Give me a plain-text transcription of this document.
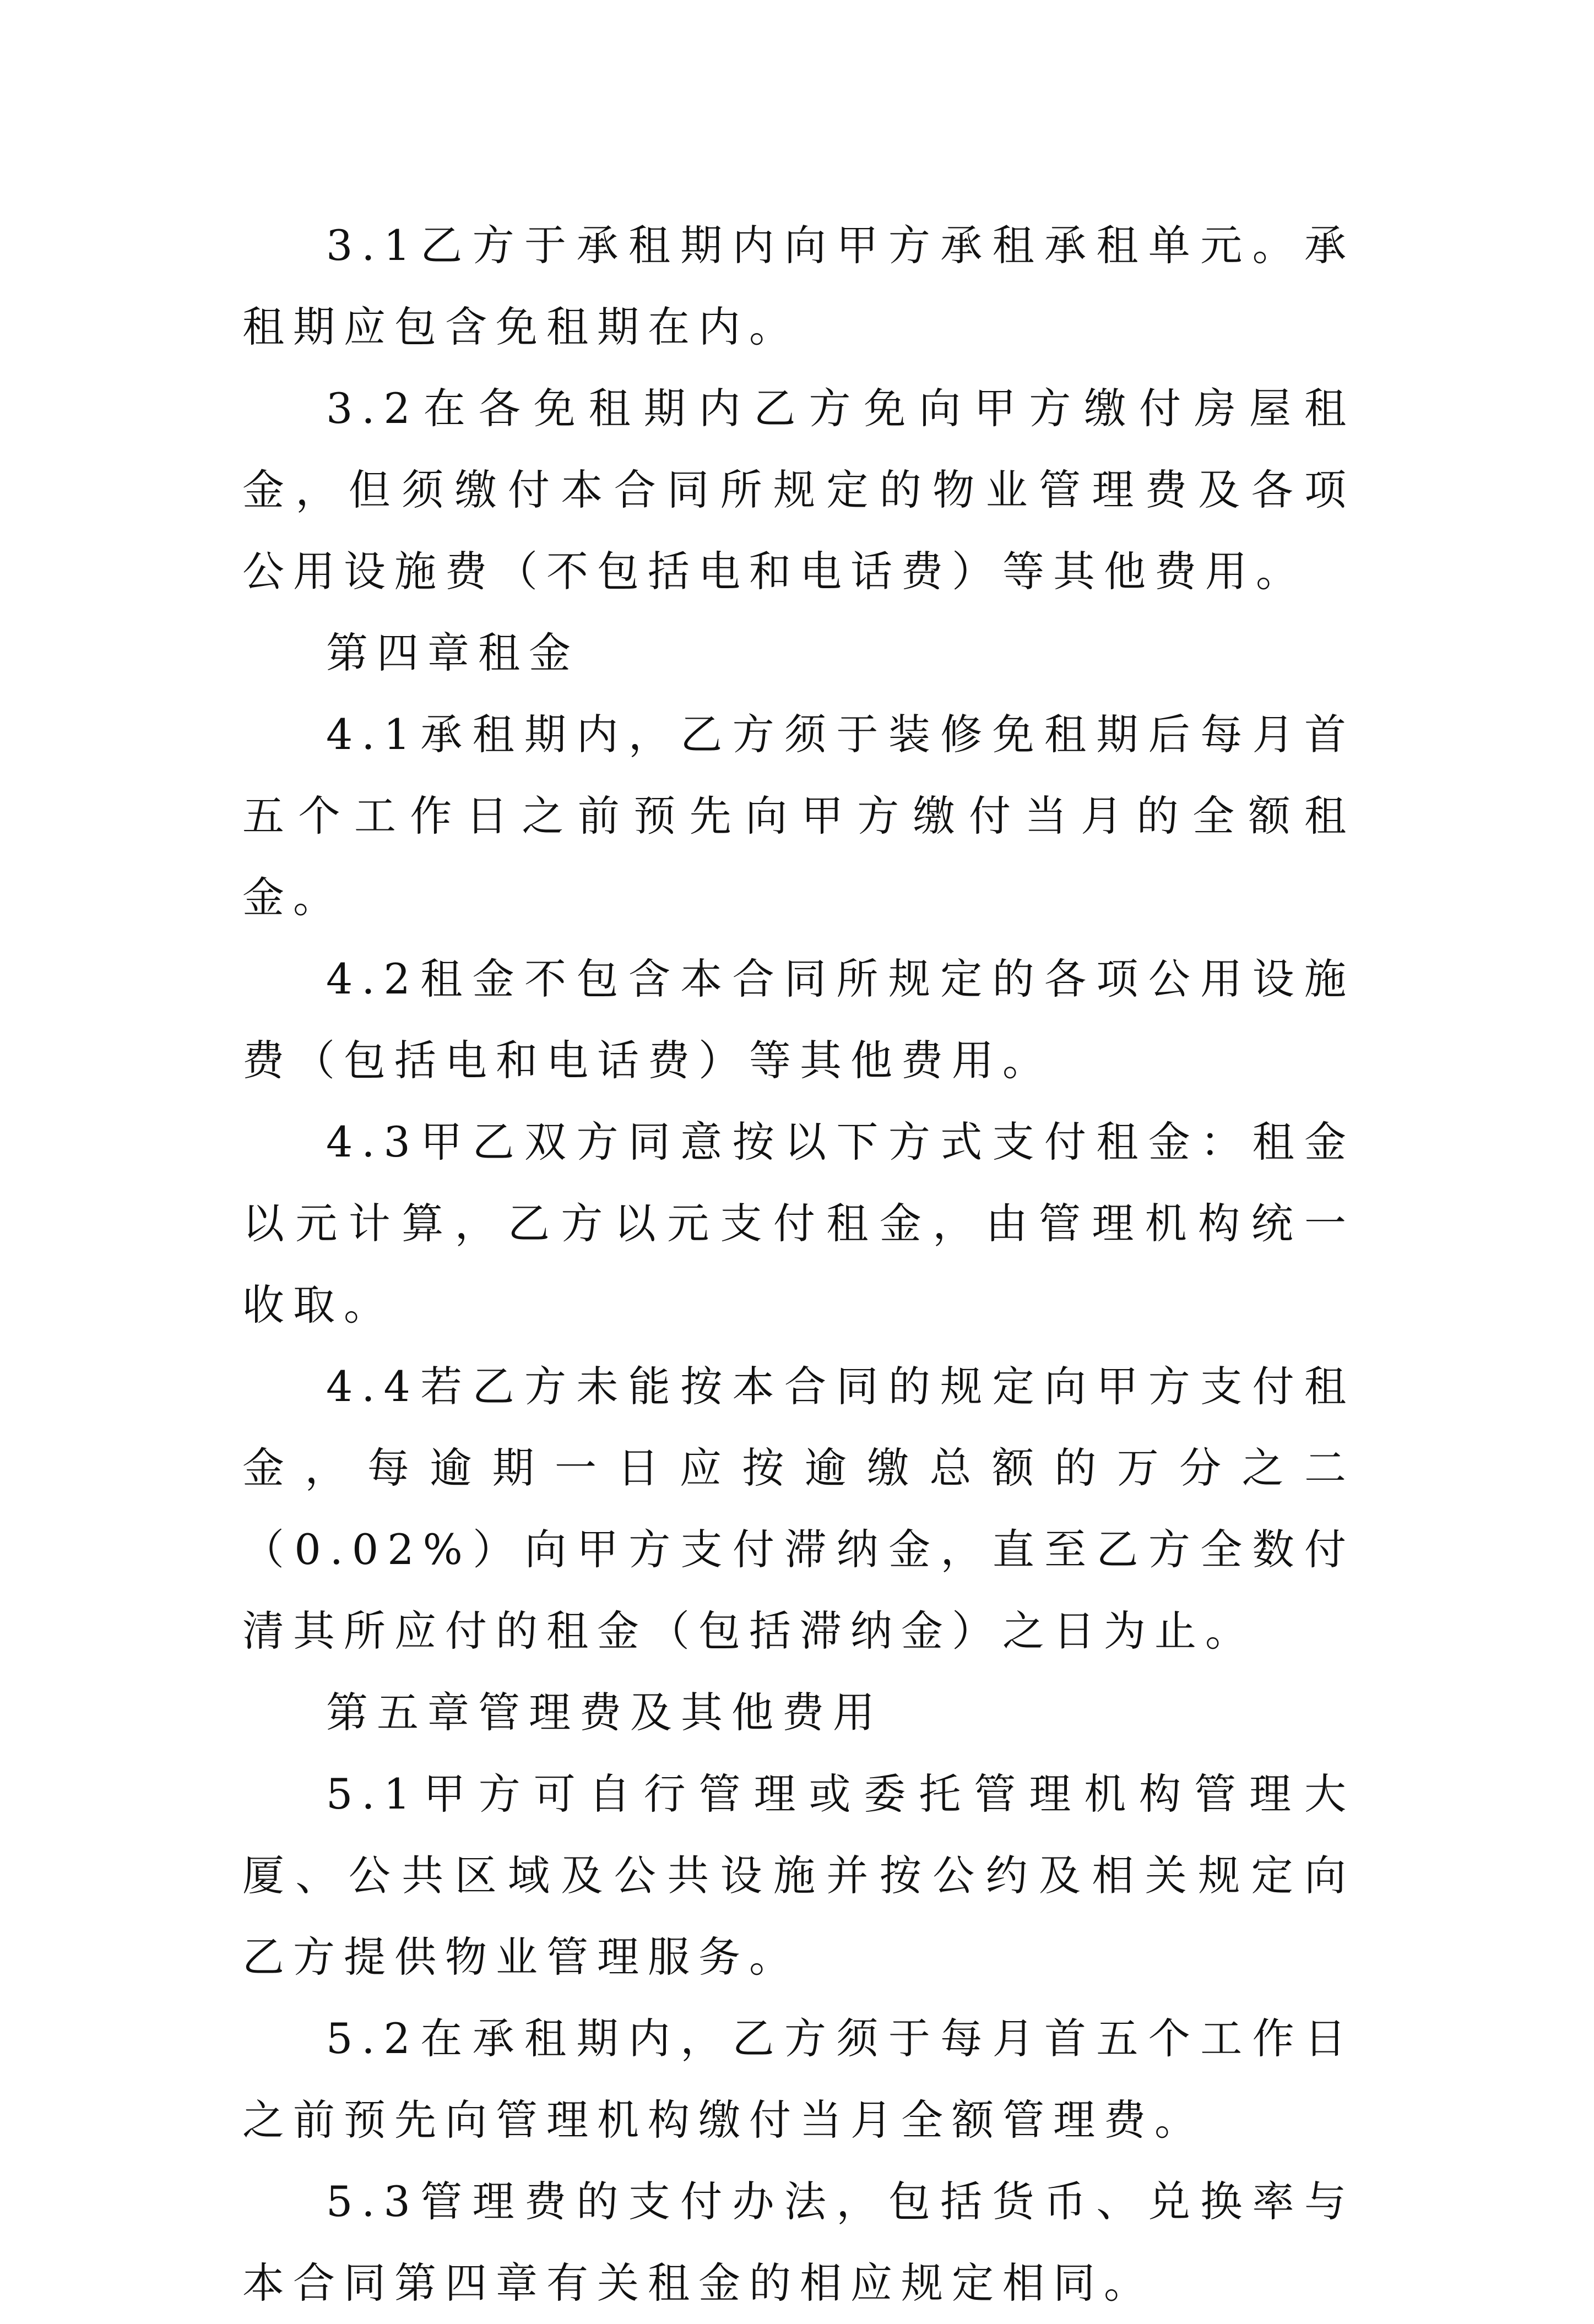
3.1乙方于承租期内向甲方承租承租单元。承租期应包含免租期在内。

3.2在各免租期内乙方免向甲方缴付房屋租金，但须缴付本合同所规定的物业管理费及各项公用设施费（不包括电和电话费）等其他费用。

第四章租金

4.1承租期内，乙方须于装修免租期后每月首五个工作日之前预先向甲方缴付当月的全额租金。

4.2租金不包含本合同所规定的各项公用设施费（包括电和电话费）等其他费用。

4.3甲乙双方同意按以下方式支付租金：租金以元计算，乙方以元支付租金，由管理机构统一收取。

4.4若乙方未能按本合同的规定向甲方支付租金，每逾期一日应按逾缴总额的万分之二（0.02%）向甲方支付滞纳金，直至乙方全数付清其所应付的租金（包括滞纳金）之日为止。

第五章管理费及其他费用

5.1甲方可自行管理或委托管理机构管理大厦、公共区域及公共设施并按公约及相关规定向乙方提供物业管理服务。

5.2在承租期内，乙方须于每月首五个工作日之前预先向管理机构缴付当月全额管理费。

5.3管理费的支付办法，包括货币、兑换率与本合同第四章有关租金的相应规定相同。
